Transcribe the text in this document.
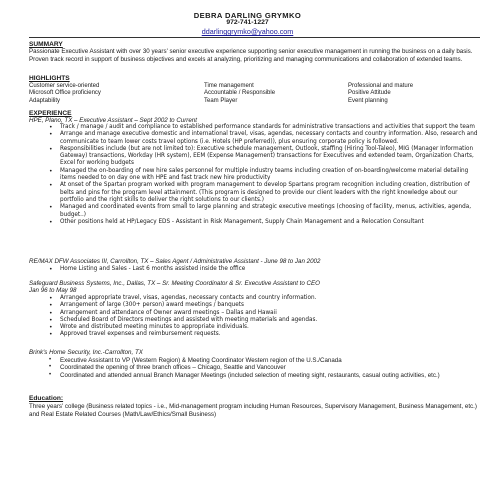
DEBRA DARLING GRYMKO
972-741-1227
ddarlinggrymko@yahoo.com
SUMMARY
Passionate Executive Assistant with over 30 years' senior executive experience supporting senior executive management in running the business on a daily basis. Proven track record in support of business objectives and excels at analyzing, prioritizing and managing communications and collaboration of extended teams.
HIGHLIGHTS
Customer service-oriented
Microsoft Office proficiency
Adaptability
Time management
Accountable / Responsible
Team Player
Professional and mature
Positive Attitude
Event planning
EXPERIENCE
HPE, Plano, TX – Executive Assistant – Sept 2002 to Current
• Track / manage / audit and compliance to established performance standards for administrative transactions and activities that support the team
• Arrange and manage executive domestic and international travel, visas, agendas, necessary contacts and country information. Also, research and communicate to team lower costs travel options (i.e. Hotels (HP preferred)), plus ensuring corporate policy is followed.
• Responsibilities include (but are not limited to): Executive schedule management, Outlook, staffing (Hiring Tool-Taleo), MIG (Manager Information Gateway) transactions, Workday (HR system), EEM (Expense Management) transactions for Executives and extended team, Organization Charts, Excel for working budgets
• Managed the on-boarding of new hire sales personnel for multiple industry teams including creation of on-boarding/welcome material detailing items needed to on day one with HPE and fast track new hire productivity
• At onset of the Spartan program worked with program management to develop Spartans program recognition including creation, distribution of belts and pins for the program level attainment. (This program is designed to provide our client leaders with the right knowledge about our portfolio and the right skills to deliver the right solutions to our clients.)
• Managed and coordinated events from small to large planning and strategic executive meetings (choosing of facility, menus, activities, agenda, budget..)
• Other positions held at HP/Legacy EDS - Assistant in Risk Management, Supply Chain Management and a Relocation Consultant
RE/MAX DFW Associates III, Carrollton, TX – Sales Agent / Administrative Assistant - June 98 to Jan 2002
• Home Listing and Sales - Last 6 months assisted inside the office
Safeguard Business Systems, Inc., Dallas, TX – Sr. Meeting Coordinator & Sr. Executive Assistant to CEO
Jan 96 to May 98
• Arranged appropriate travel, visas, agendas, necessary contacts and country information.
• Arrangement of large (300+ person) award meetings / banquets
• Arrangement and attendance of Owner award meetings – Dallas and Hawaii
• Scheduled Board of Directors meetings and assisted with meeting materials and agendas.
• Wrote and distributed meeting minutes to appropriate individuals.
• Approved travel expenses and reimbursement requests.
Brink's Home Security, Inc.-Carrollton, TX
• Executive Assistant to VP (Western Region) & Meeting Coordinator Western region of the U.S./Canada
• Coordinated the opening of three branch offices – Chicago, Seattle and Vancouver
• Coordinated and attended annual Branch Manager Meetings (included selection of meeting sight, restaurants, casual outing activities, etc.)
Education:
Three years' college (Business related topics - i.e., Mid-management program including Human Resources, Supervisory Management, Business Management, etc.) and Real Estate Related Courses (Math/Law/Ethics/Small Business)
